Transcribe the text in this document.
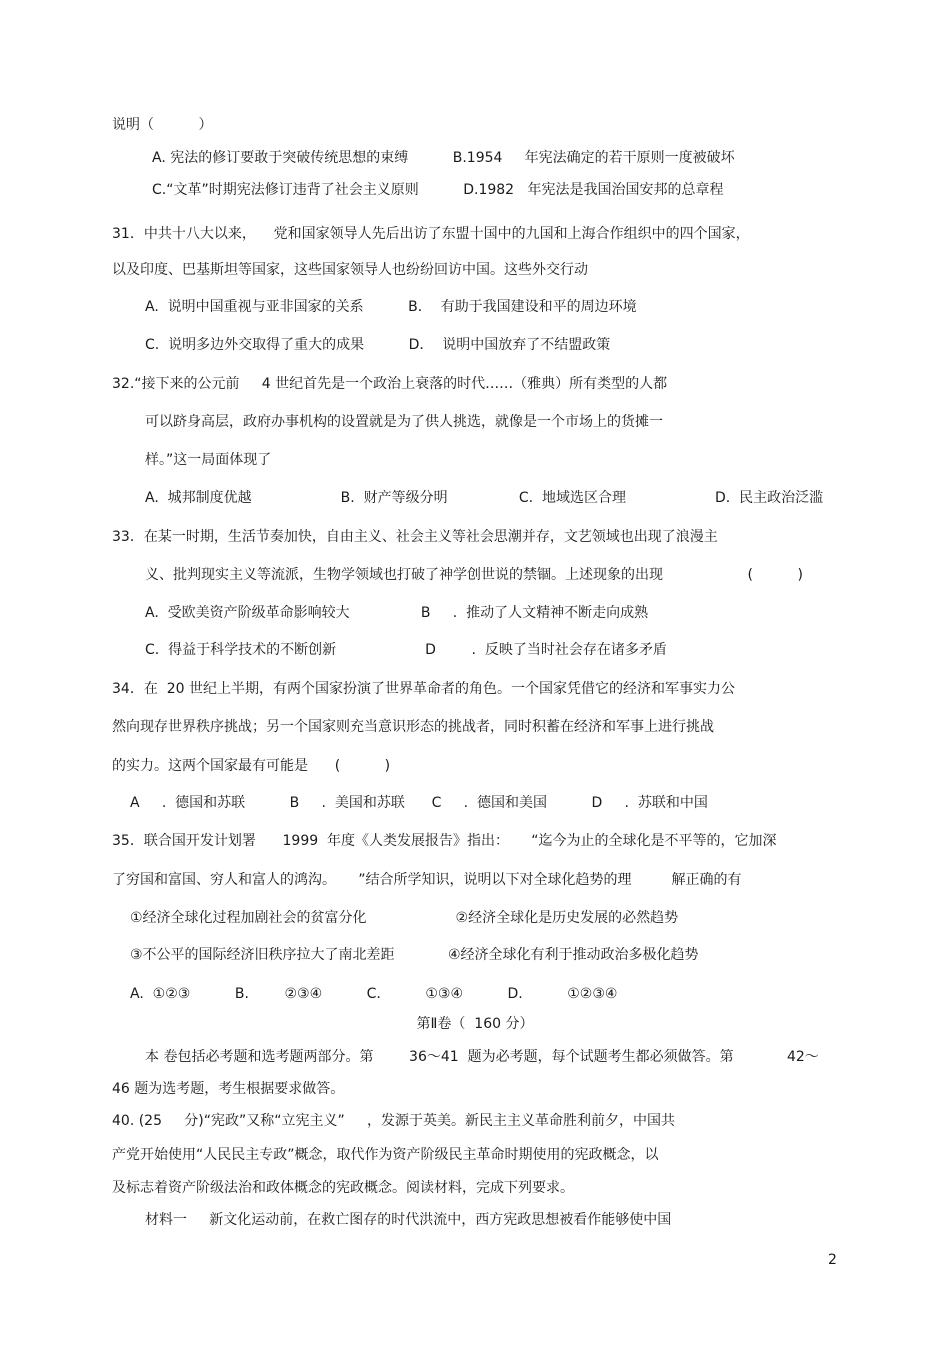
说明（          ）
A. 宪法的修订要敢于突破传统思想的束缚          B.1954     年宪法确定的若干原则一度被破坏
C.“文革”时期宪法修订违背了社会主义原则          D.1982   年宪法是我国治国安邦的总章程
31．中共十八大以来，    党和国家领导人先后出访了东盟十国中的九国和上海合作组织中的四个国家，
以及印度、巴基斯坦等国家，这些国家领导人也纷纷回访中国。这些外交行动
A.  说明中国重视与亚非国家的关系          B．  有助于我国建设和平的周边环境
C.  说明多边外交取得了重大的成果          D．  说明中国放弃了不结盟政策
32.“接下来的公元前     4 世纪首先是一个政治上衰落的时代……（雅典）所有类型的人都
可以跻身高层，政府办事机构的设置就是为了供人挑选，就像是一个市场上的货摊一
样。”这一局面体现了
A.  城邦制度优越                    B.  财产等级分明                C.  地域选区合理                    D.  民主政治泛滥
33．在某一时期，生活节奏加快，自由主义、社会主义等社会思潮并存，文艺领域也出现了浪漫主
义、批判现实主义等流派，生物学领域也打破了神学创世说的禁锢。上述现象的出现                   (          )
A.  受欧美资产阶级革命影响较大                B     .  推动了人文精神不断走向成熟
C.  得益于科学技术的不断创新                    D        .  反映了当时社会存在诸多矛盾
34．在  20 世纪上半期，有两个国家扮演了世界革命者的角色。一个国家凭借它的经济和军事实力公
然向现存世界秩序挑战；另一个国家则充当意识形态的挑战者，同时积蓄在经济和军事上进行挑战
的实力。这两个国家最有可能是      (          )
A     .  德国和苏联          B     .  美国和苏联      C     .  德国和美国          D     .  苏联和中国
35．联合国开发计划署      1999  年度《人类发展报告》指出：     “迄今为止的全球化是不平等的，它加深
了穷国和富国、穷人和富人的鸿沟。     ”结合所学知识，说明以下对全球化趋势的理         解正确的有
①经济全球化过程加剧社会的贫富分化                    ②经济全球化是历史发展的必然趋势
③不公平的国际经济旧秩序拉大了南北差距            ④经济全球化有利于推动政治多极化趋势
A.  ①②③          B.        ②③④          C.          ①③④          D.          ①②③④
第Ⅱ卷（  160 分）
本 卷包括必考题和选考题两部分。第        36～41  题为必考题，每个试题考生都必须做答。第            42～
46 题为选考题，考生根据要求做答。
40. (25     分)“宪政”又称“立宪主义”     ，发源于英美。新民主主义革命胜利前夕，中国共
产党开始使用“人民民主专政”概念，取代作为资产阶级民主革命时期使用的宪政概念，以
及标志着资产阶级法治和政体概念的宪政概念。阅读材料，完成下列要求。
材料一     新文化运动前，在救亡图存的时代洪流中，西方宪政思想被看作能够使中国
2
